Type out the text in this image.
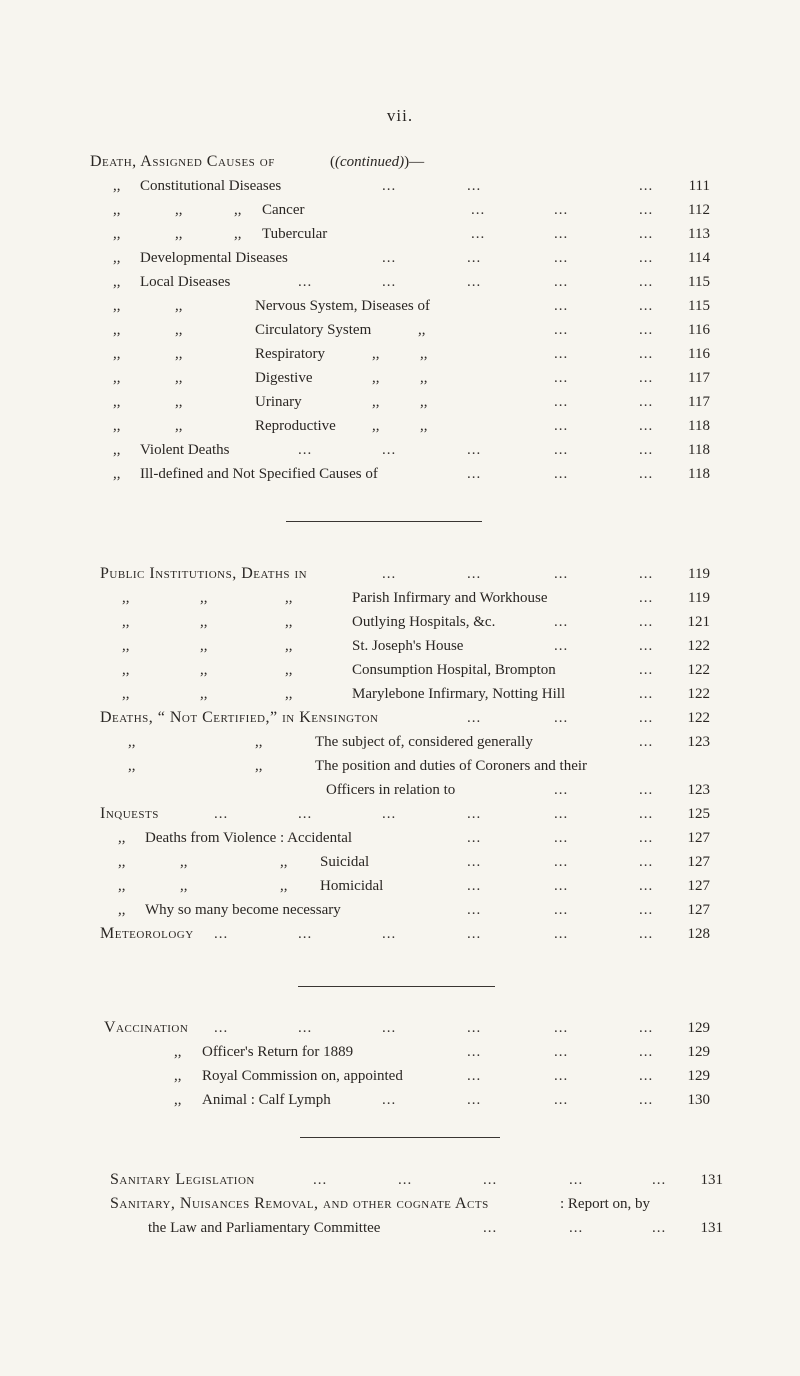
vii.
Death, Assigned Causes of	((continued))—
,, Constitutional Diseases	...	...	...	111
,,	,,	,, Cancer	...	...	...	112
,,	,,	,, Tubercular	...	...	...	113
,, Developmental Diseases	...	...	...	...	114
,, Local Diseases	...	...	...	...	...	115
,,	,,	Nervous System, Diseases of	...	...	115
,,	,,	Circulatory System	,,	...	...	116
,,	,,	Respiratory	,,	,,	...	...	116
,,	,,	Digestive	,,	,,	...	...	117
,,	,,	Urinary	,,	,,	...	...	117
,,	,,	Reproductive ,,	,,	...	...	118
,, Violent Deaths	...	...	...	...	...	118
,, Ill-defined and Not Specified Causes of	...	...	...	118
Public Institutions, Deaths in	...	...	...	...	119
,,	,,	,,	Parish Infirmary and Workhouse	...	119
,,	,,	,,	Outlying Hospitals, &c.	...	...	121
,,	,,	,,	St. Joseph's House	...	...	122
,,	,,	,,	Consumption Hospital, Brompton	...	122
,,	,,	,,	Marylebone Infirmary, Notting Hill	...	122
Deaths, “ Not Certified,” in Kensington	...	...	...	122
,,	,,	The subject of, considered generally	...	123
,,	,,	The position and duties of Coroners and their
Officers in relation to	...	...	123
Inquests	...	...	...	...	...	...	125
,, Deaths from Violence : Accidental	...	...	...	127
,,	,,	,, Suicidal	...	...	...	127
,,	,,	,, Homicidal	...	...	...	127
,, Why so many become necessary	...	...	...	127
Meteorology ...	...	...	...	...	...	128
Vaccination ...	...	...	...	...	...	129
,, Officer's Return for 1889	...	...	...	129
,, Royal Commission on, appointed	...	...	...	129
,, Animal : Calf Lymph	...	...	...	...	130
Sanitary Legislation	...	...	...	...	...	131
Sanitary, Nuisances Removal, and other cognate Acts	: Report on, by
the Law and Parliamentary Committee	...	...	...	131
